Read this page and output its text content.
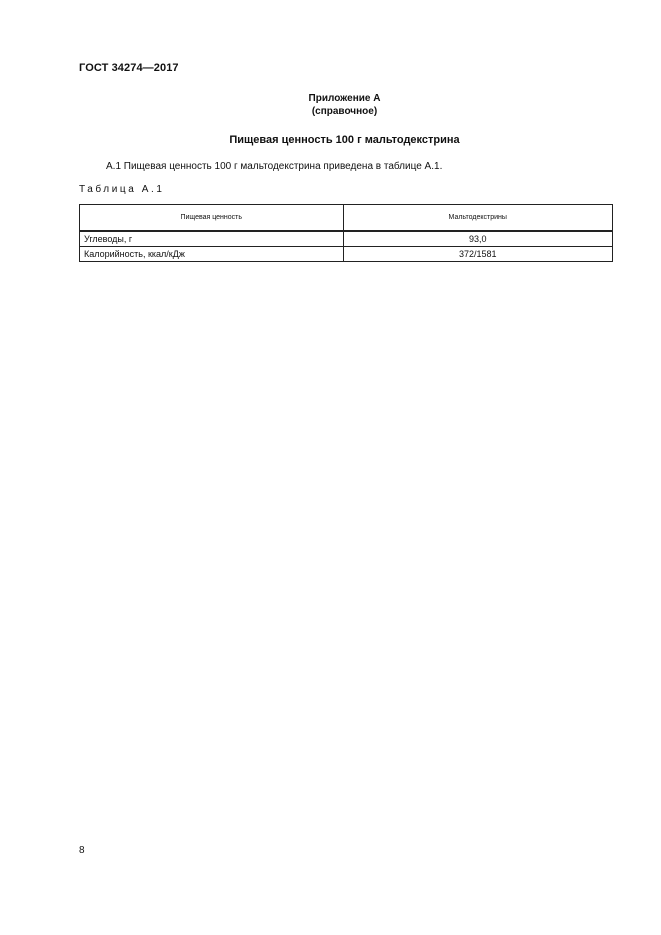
ГОСТ 34274—2017
Приложение А
(справочное)
Пищевая ценность 100 г мальтодекстрина
А.1 Пищевая ценность 100 г мальтодекстрина приведена в таблице А.1.
Таблица А.1
Пищевая ценность	Мальтодекстрины
Углеводы, г	93,0
Калорийность, ккал/кДж	372/1581
8
